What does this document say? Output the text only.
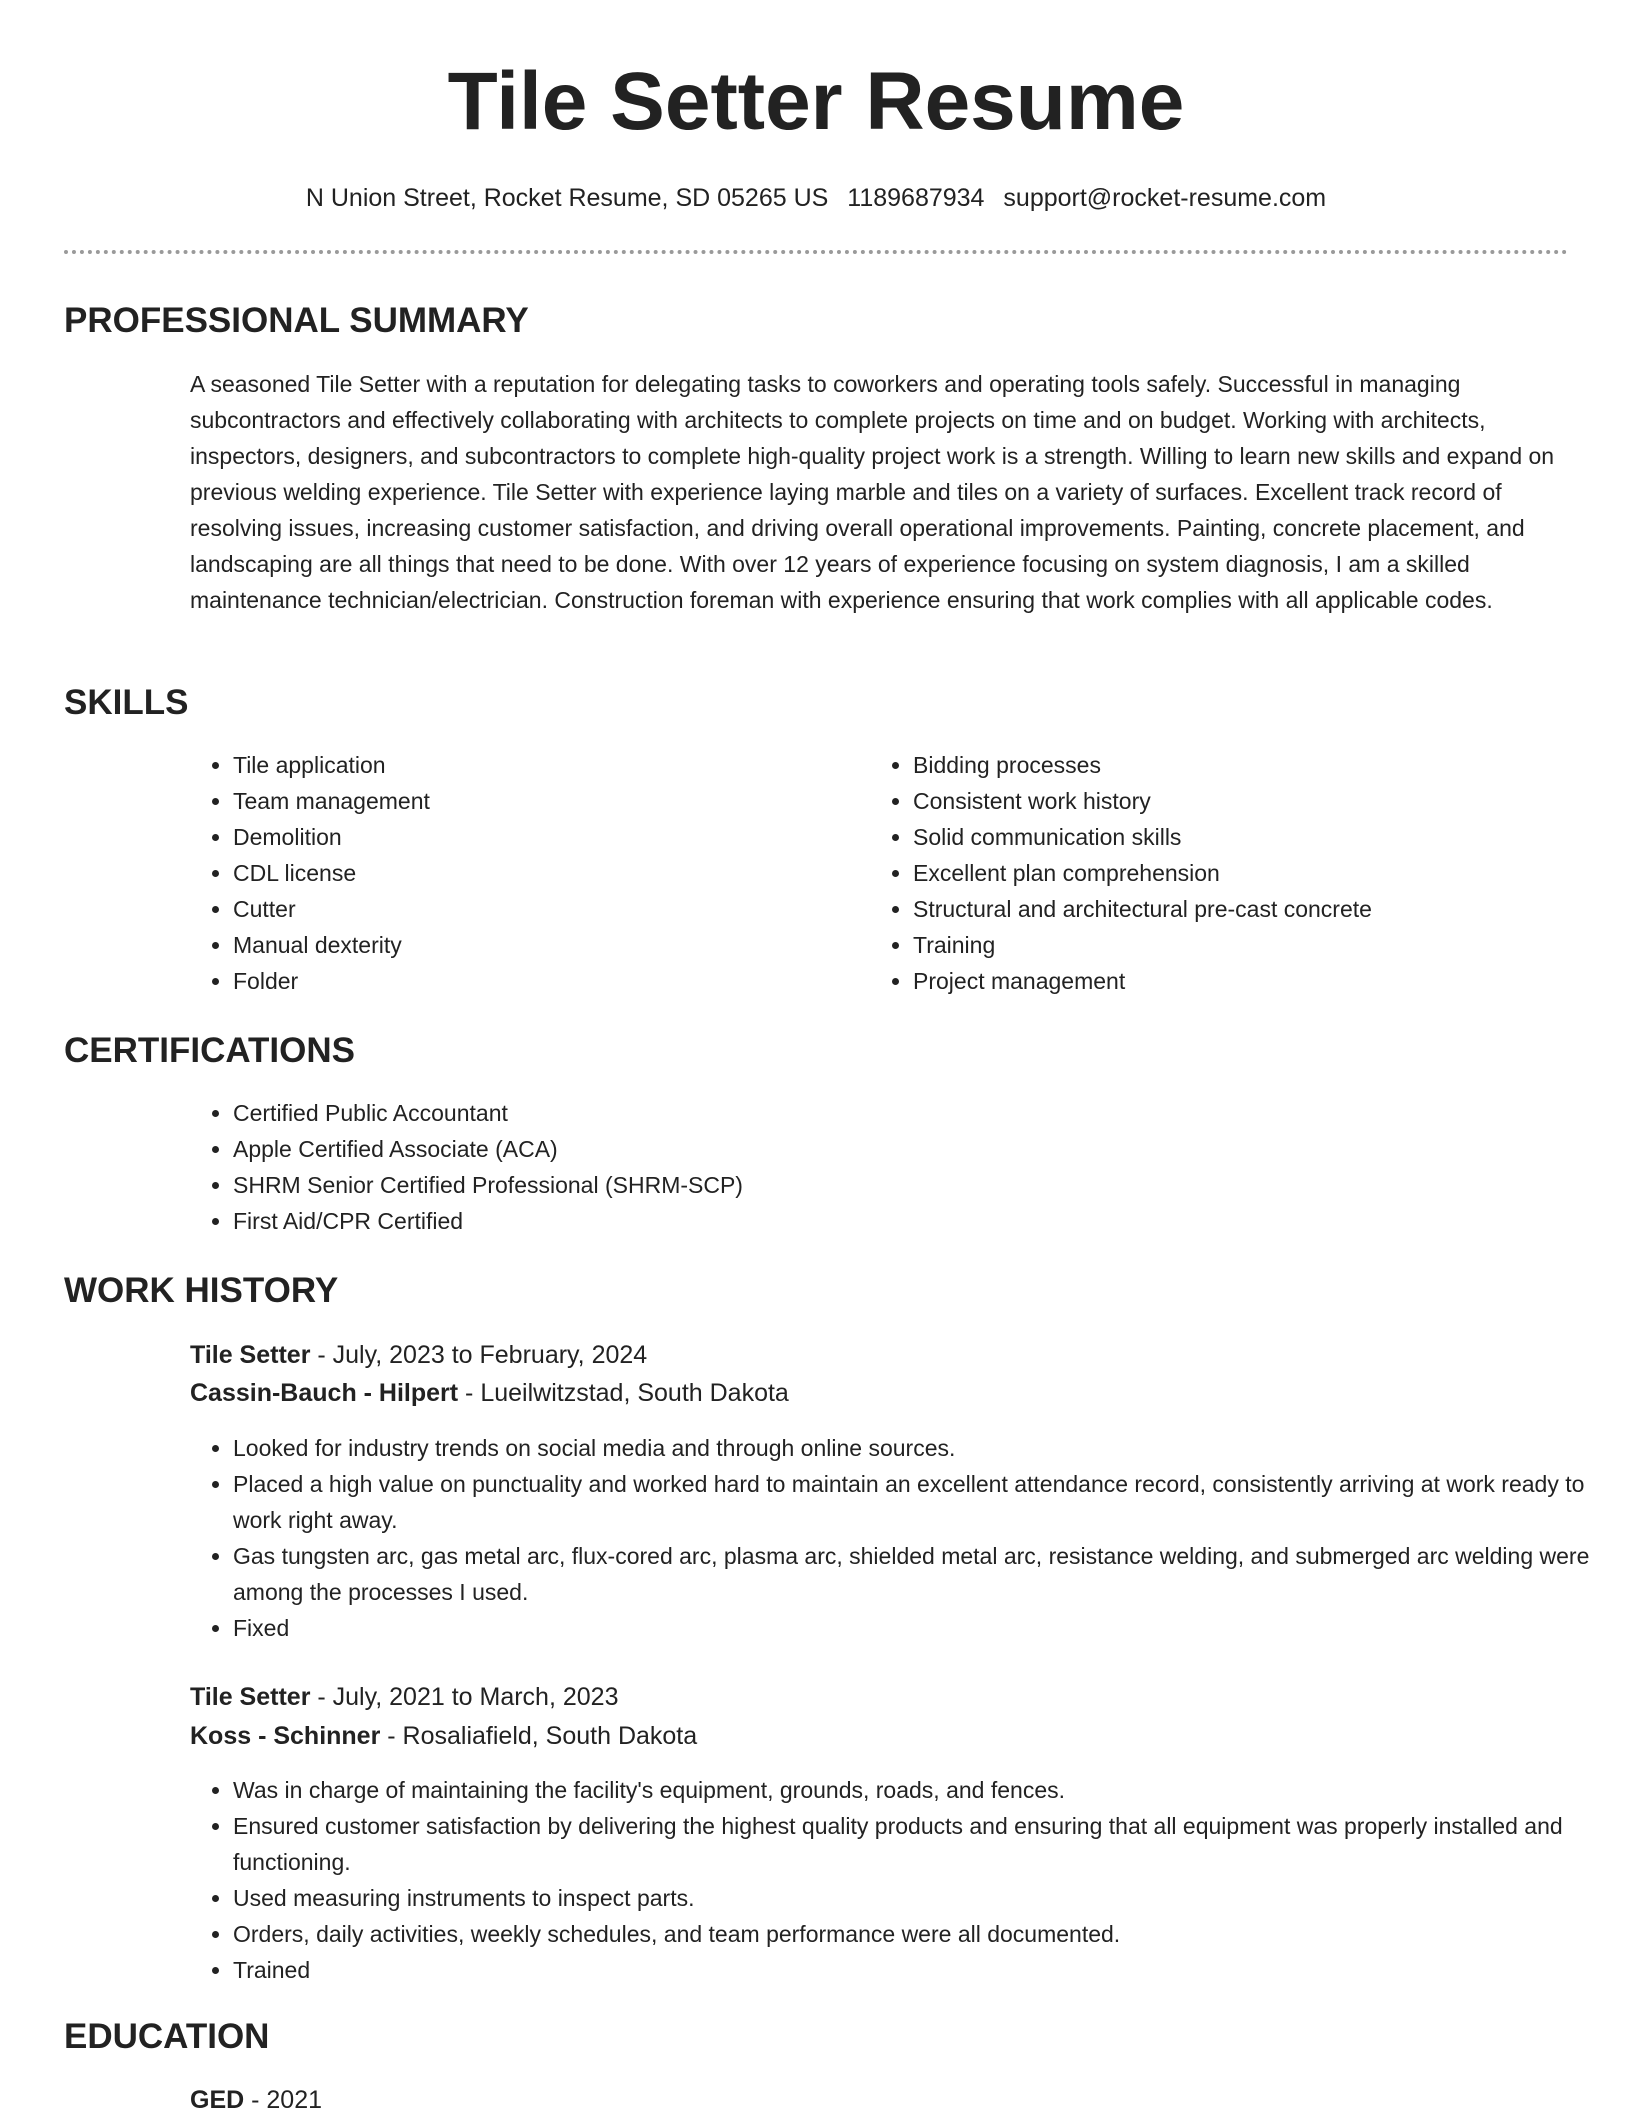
Tile Setter Resume
N Union Street, Rocket Resume, SD 05265 US 1189687934 support@rocket-resume.com
PROFESSIONAL SUMMARY

A seasoned Tile Setter with a reputation for delegating tasks to coworkers and operating tools safely. Successful in managing subcontractors and effectively collaborating with architects to complete projects on time and on budget. Working with architects, inspectors, designers, and subcontractors to complete high-quality project work is a strength. Willing to learn new skills and expand on previous welding experience. Tile Setter with experience laying marble and tiles on a variety of surfaces. Excellent track record of resolving issues, increasing customer satisfaction, and driving overall operational improvements. Painting, concrete placement, and landscaping are all things that need to be done. With over 12 years of experience focusing on system diagnosis, I am a skilled maintenance technician/electrician. Construction foreman with experience ensuring that work complies with all applicable codes.

SKILLS
• Tile application
• Team management
• Demolition
• CDL license
• Cutter
• Manual dexterity
• Folder
• Bidding processes
• Consistent work history
• Solid communication skills
• Excellent plan comprehension
• Structural and architectural pre-cast concrete
• Training
• Project management
CERTIFICATIONS
• Certified Public Accountant
• Apple Certified Associate (ACA)
• SHRM Senior Certified Professional (SHRM-SCP)
• First Aid/CPR Certified
WORK HISTORY
Tile Setter - July, 2023 to February, 2024
Cassin-Bauch - Hilpert - Lueilwitzstad, South Dakota
• Looked for industry trends on social media and through online sources.
• Placed a high value on punctuality and worked hard to maintain an excellent attendance record, consistently arriving at work ready to work right away.
• Gas tungsten arc, gas metal arc, flux-cored arc, plasma arc, shielded metal arc, resistance welding, and submerged arc welding were among the processes I used.
• Fixed
Tile Setter - July, 2021 to March, 2023
Koss - Schinner - Rosaliafield, South Dakota
• Was in charge of maintaining the facility's equipment, grounds, roads, and fences.
• Ensured customer satisfaction by delivering the highest quality products and ensuring that all equipment was properly installed and functioning.
• Used measuring instruments to inspect parts.
• Orders, daily activities, weekly schedules, and team performance were all documented.
• Trained
EDUCATION
GED - 2021
